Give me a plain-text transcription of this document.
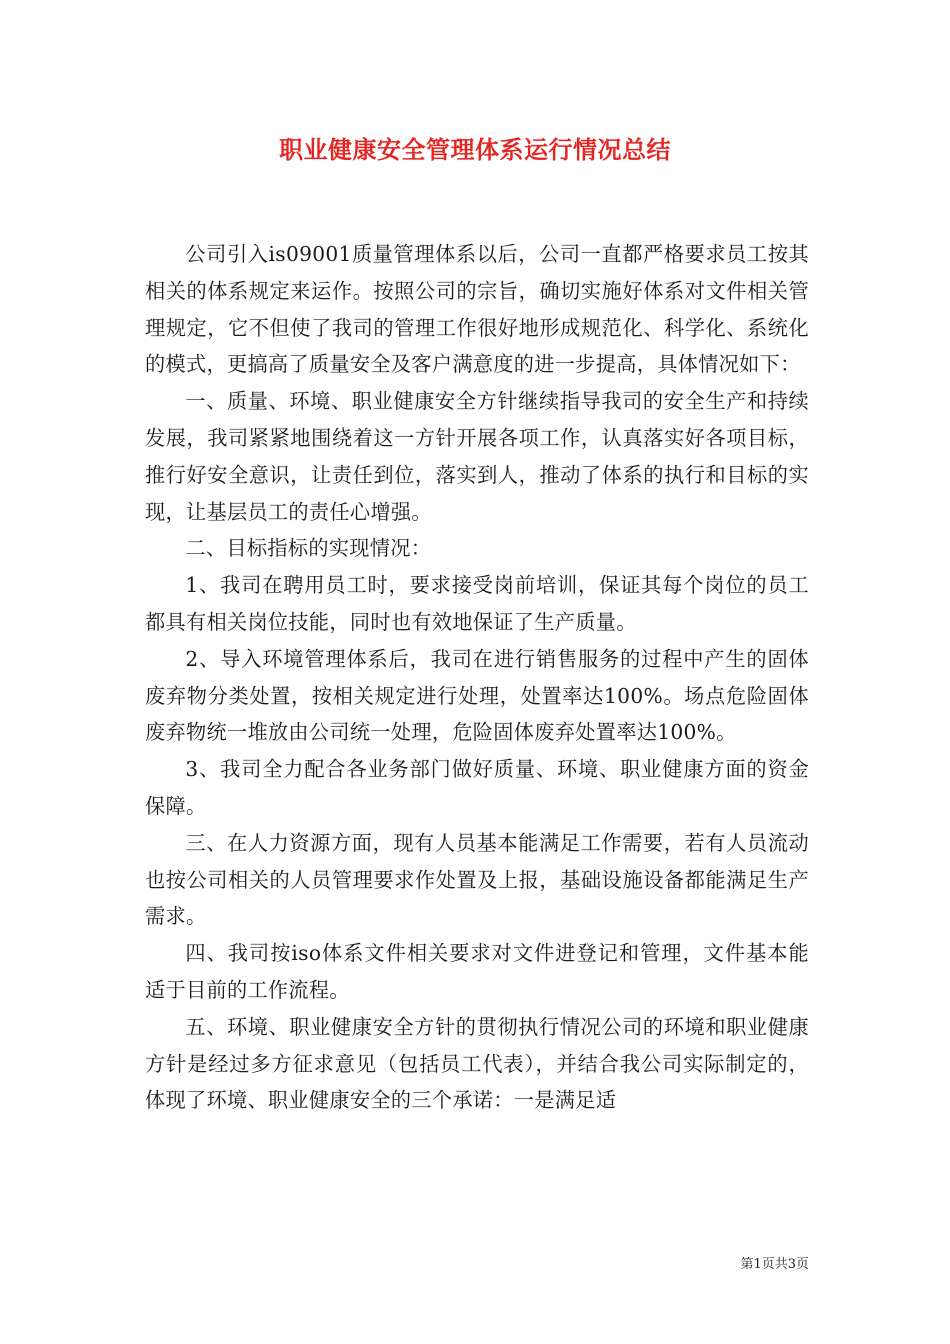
职业健康安全管理体系运行情况总结

公司引入is09001质量管理体系以后，公司一直都严格要求员工按其相关的体系规定来运作。按照公司的宗旨，确切实施好体系对文件相关管理规定，它不但使了我司的管理工作很好地形成规范化、科学化、系统化的模式，更搞高了质量安全及客户满意度的进一步提高，具体情况如下：

一、质量、环境、职业健康安全方针继续指导我司的安全生产和持续发展，我司紧紧地围绕着这一方针开展各项工作，认真落实好各项目标，推行好安全意识，让责任到位，落实到人，推动了体系的执行和目标的实现，让基层员工的责任心增强。

二、目标指标的实现情况：

1、我司在聘用员工时，要求接受岗前培训，保证其每个岗位的员工都具有相关岗位技能，同时也有效地保证了生产质量。

2、导入环境管理体系后，我司在进行销售服务的过程中产生的固体废弃物分类处置，按相关规定进行处理，处置率达100%。场点危险固体废弃物统一堆放由公司统一处理，危险固体废弃处置率达100%。

3、我司全力配合各业务部门做好质量、环境、职业健康方面的资金保障。

三、在人力资源方面，现有人员基本能满足工作需要，若有人员流动也按公司相关的人员管理要求作处置及上报，基础设施设备都能满足生产需求。

四、我司按iso体系文件相关要求对文件进登记和管理，文件基本能适于目前的工作流程。

五、环境、职业健康安全方针的贯彻执行情况公司的环境和职业健康方针是经过多方征求意见（包括员工代表），并结合我公司实际制定的，体现了环境、职业健康安全的三个承诺：一是满足适

第1页共3页
